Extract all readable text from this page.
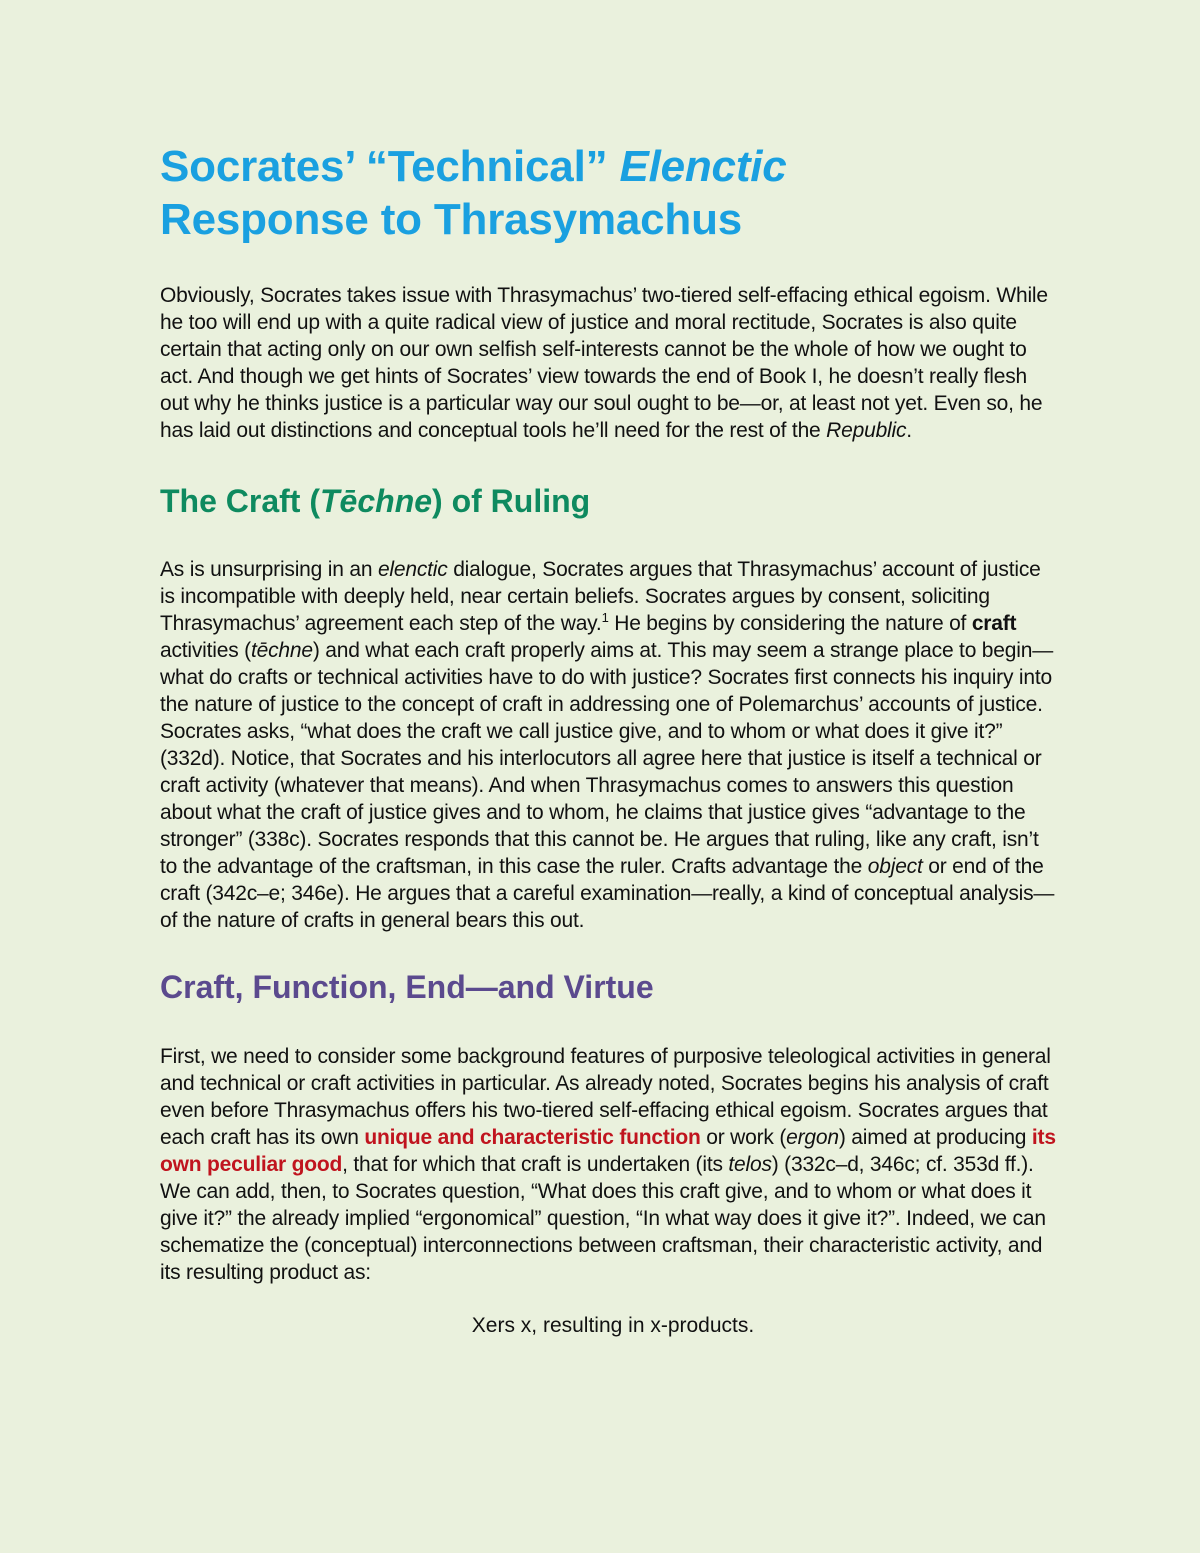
Socrates’ “Technical” Elenctic
Response to Thrasymachus

Obviously, Socrates takes issue with Thrasymachus’ two-tiered self-effacing ethical egoism. While he too will end up with a quite radical view of justice and moral rectitude, Socrates is also quite certain that acting only on our own selfish self-interests cannot be the whole of how we ought to act. And though we get hints of Socrates’ view towards the end of Book I, he doesn’t really flesh out why he thinks justice is a particular way our soul ought to be—or, at least not yet. Even so, he has laid out distinctions and conceptual tools he’ll need for the rest of the Republic.

The Craft (Tēchne) of Ruling

As is unsurprising in an elenctic dialogue, Socrates argues that Thrasymachus’ account of justice is incompatible with deeply held, near certain beliefs. Socrates argues by consent, soliciting Thrasymachus’ agreement each step of the way.$^1$ He begins by considering the nature of craft activities (tēchne) and what each craft properly aims at. This may seem a strange place to begin—what do crafts or technical activities have to do with justice? Socrates first connects his inquiry into the nature of justice to the concept of craft in addressing one of Polemarchus’ accounts of justice. Socrates asks, “what does the craft we call justice give, and to whom or what does it give it?” (332d). Notice, that Socrates and his interlocutors all agree here that justice is itself a technical or craft activity (whatever that means). And when Thrasymachus comes to answers this question about what the craft of justice gives and to whom, he claims that justice gives “advantage to the stronger” (338c). Socrates responds that this cannot be. He argues that ruling, like any craft, isn’t to the advantage of the craftsman, in this case the ruler. Crafts advantage the object or end of the craft (342c–e; 346e). He argues that a careful examination—really, a kind of conceptual analysis—of the nature of crafts in general bears this out.

Craft, Function, End—and Virtue

First, we need to consider some background features of purposive teleological activities in general and technical or craft activities in particular. As already noted, Socrates begins his analysis of craft even before Thrasymachus offers his two-tiered self-effacing ethical egoism. Socrates argues that each craft has its own unique and characteristic function or work (ergon) aimed at producing its own peculiar good, that for which that craft is undertaken (its telos) (332c–d, 346c; cf. 353d ff.). We can add, then, to Socrates question, “What does this craft give, and to whom or what does it give it?” the already implied “ergonomical” question, “In what way does it give it?”. Indeed, we can schematize the (conceptual) interconnections between craftsman, their characteristic activity, and its resulting product as:

Xers x, resulting in x-products.
